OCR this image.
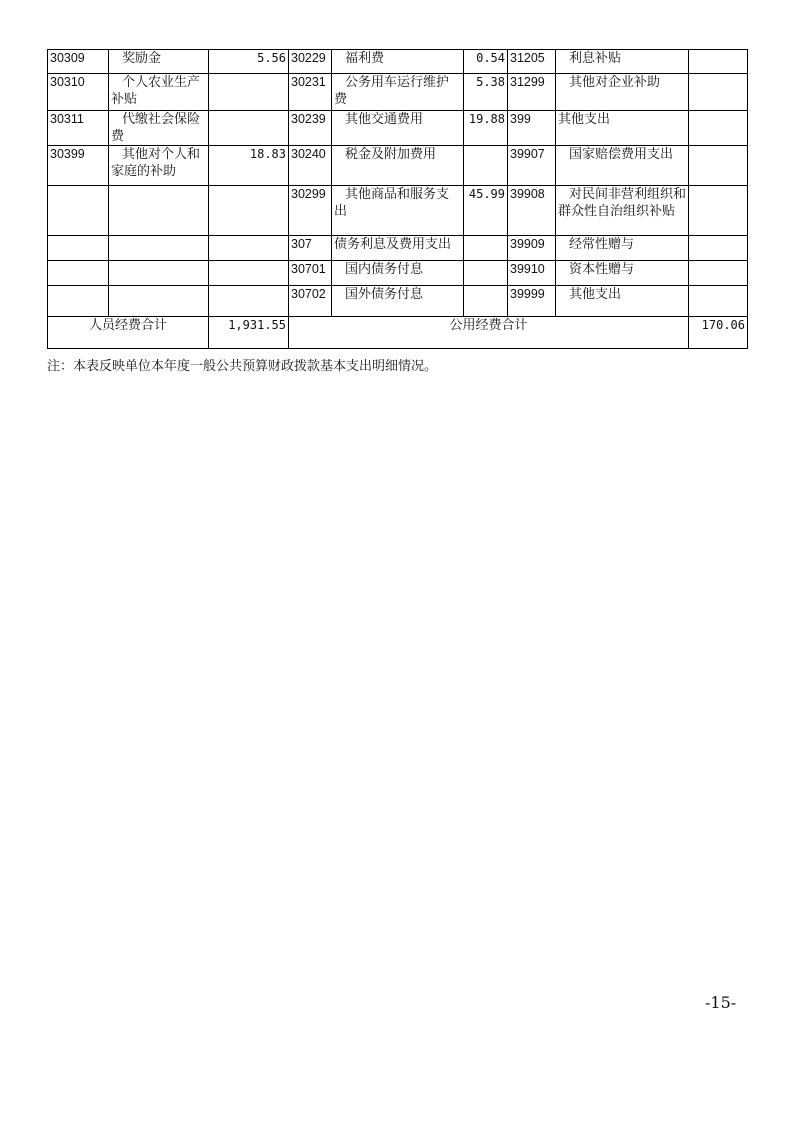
30309	奖励金	5.56	30229	福利费	0.54	31205	利息补贴	
30310	个人农业生产补贴		30231	公务用车运行维护费	5.38	31299	其他对企业补助	
30311	代缴社会保险费		30239	其他交通费用	19.88	399	其他支出	
30399	其他对个人和家庭的补助	18.83	30240	税金及附加费用		39907	国家赔偿费用支出	
			30299	其他商品和服务支出	45.99	39908	对民间非营利组织和群众性自治组织补贴	
			307	债务利息及费用支出		39909	经常性赠与	
			30701	国内债务付息		39910	资本性赠与	
			30702	国外债务付息		39999	其他支出	
人员经费合计		1,931.55	公用经费合计					170.06
注：本表反映单位本年度一般公共预算财政拨款基本支出明细情况。
-15-
